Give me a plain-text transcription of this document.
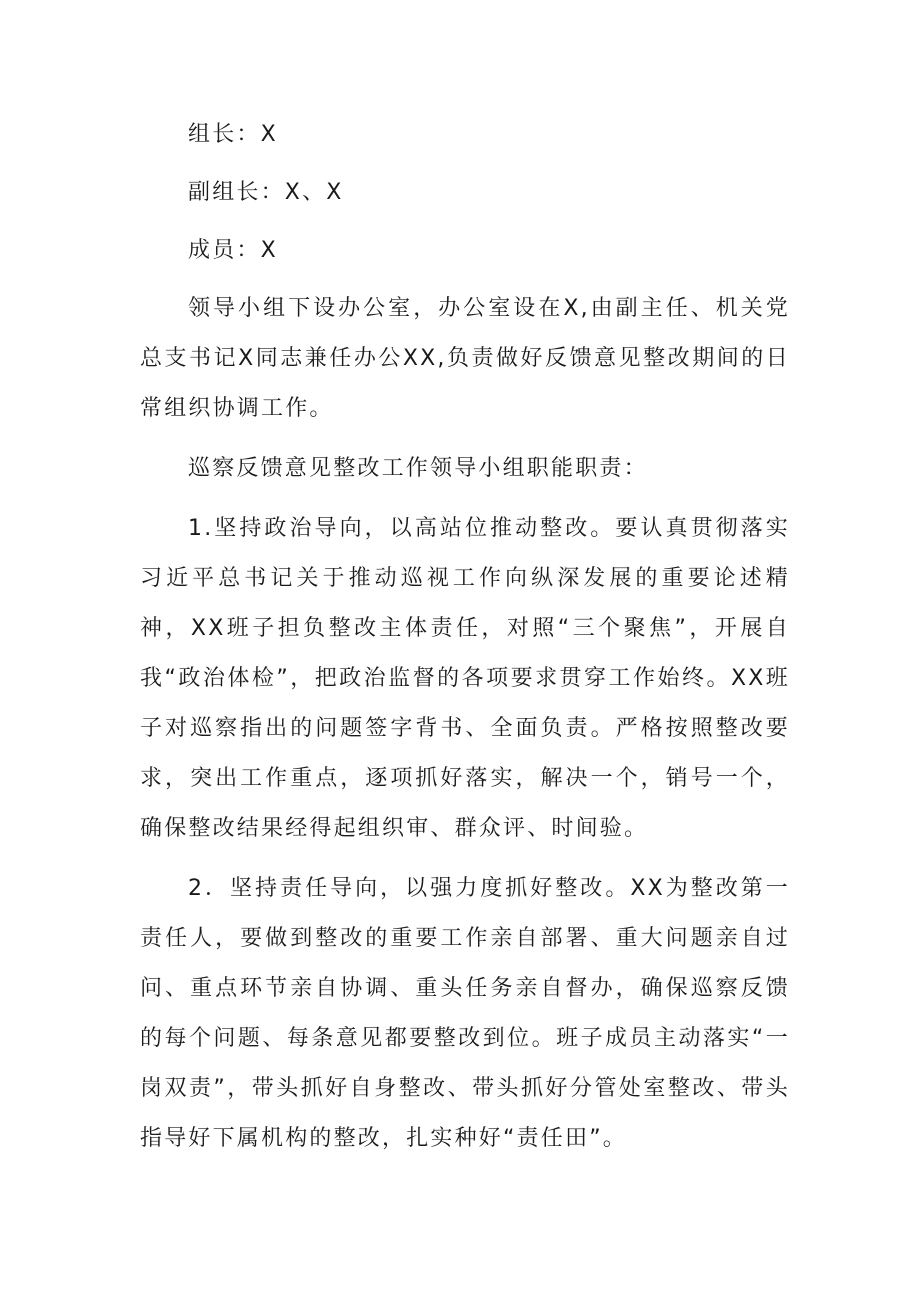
组长：X

副组长：X、X

成员：X

领导小组下设办公室，办公室设在X,由副主任、机关党总支书记X同志兼任办公XX,负责做好反馈意见整改期间的日常组织协调工作。

巡察反馈意见整改工作领导小组职能职责：

1.坚持政治导向，以高站位推动整改。要认真贯彻落实习近平总书记关于推动巡视工作向纵深发展的重要论述精神，XX班子担负整改主体责任，对照“三个聚焦”，开展自我“政治体检”，把政治监督的各项要求贯穿工作始终。XX班子对巡察指出的问题签字背书、全面负责。严格按照整改要求，突出工作重点，逐项抓好落实，解决一个，销号一个，确保整改结果经得起组织审、群众评、时间验。

2．坚持责任导向，以强力度抓好整改。XX为整改第一责任人，要做到整改的重要工作亲自部署、重大问题亲自过问、重点环节亲自协调、重头任务亲自督办，确保巡察反馈的每个问题、每条意见都要整改到位。班子成员主动落实“一岗双责”，带头抓好自身整改、带头抓好分管处室整改、带头指导好下属机构的整改，扎实种好“责任田”。
